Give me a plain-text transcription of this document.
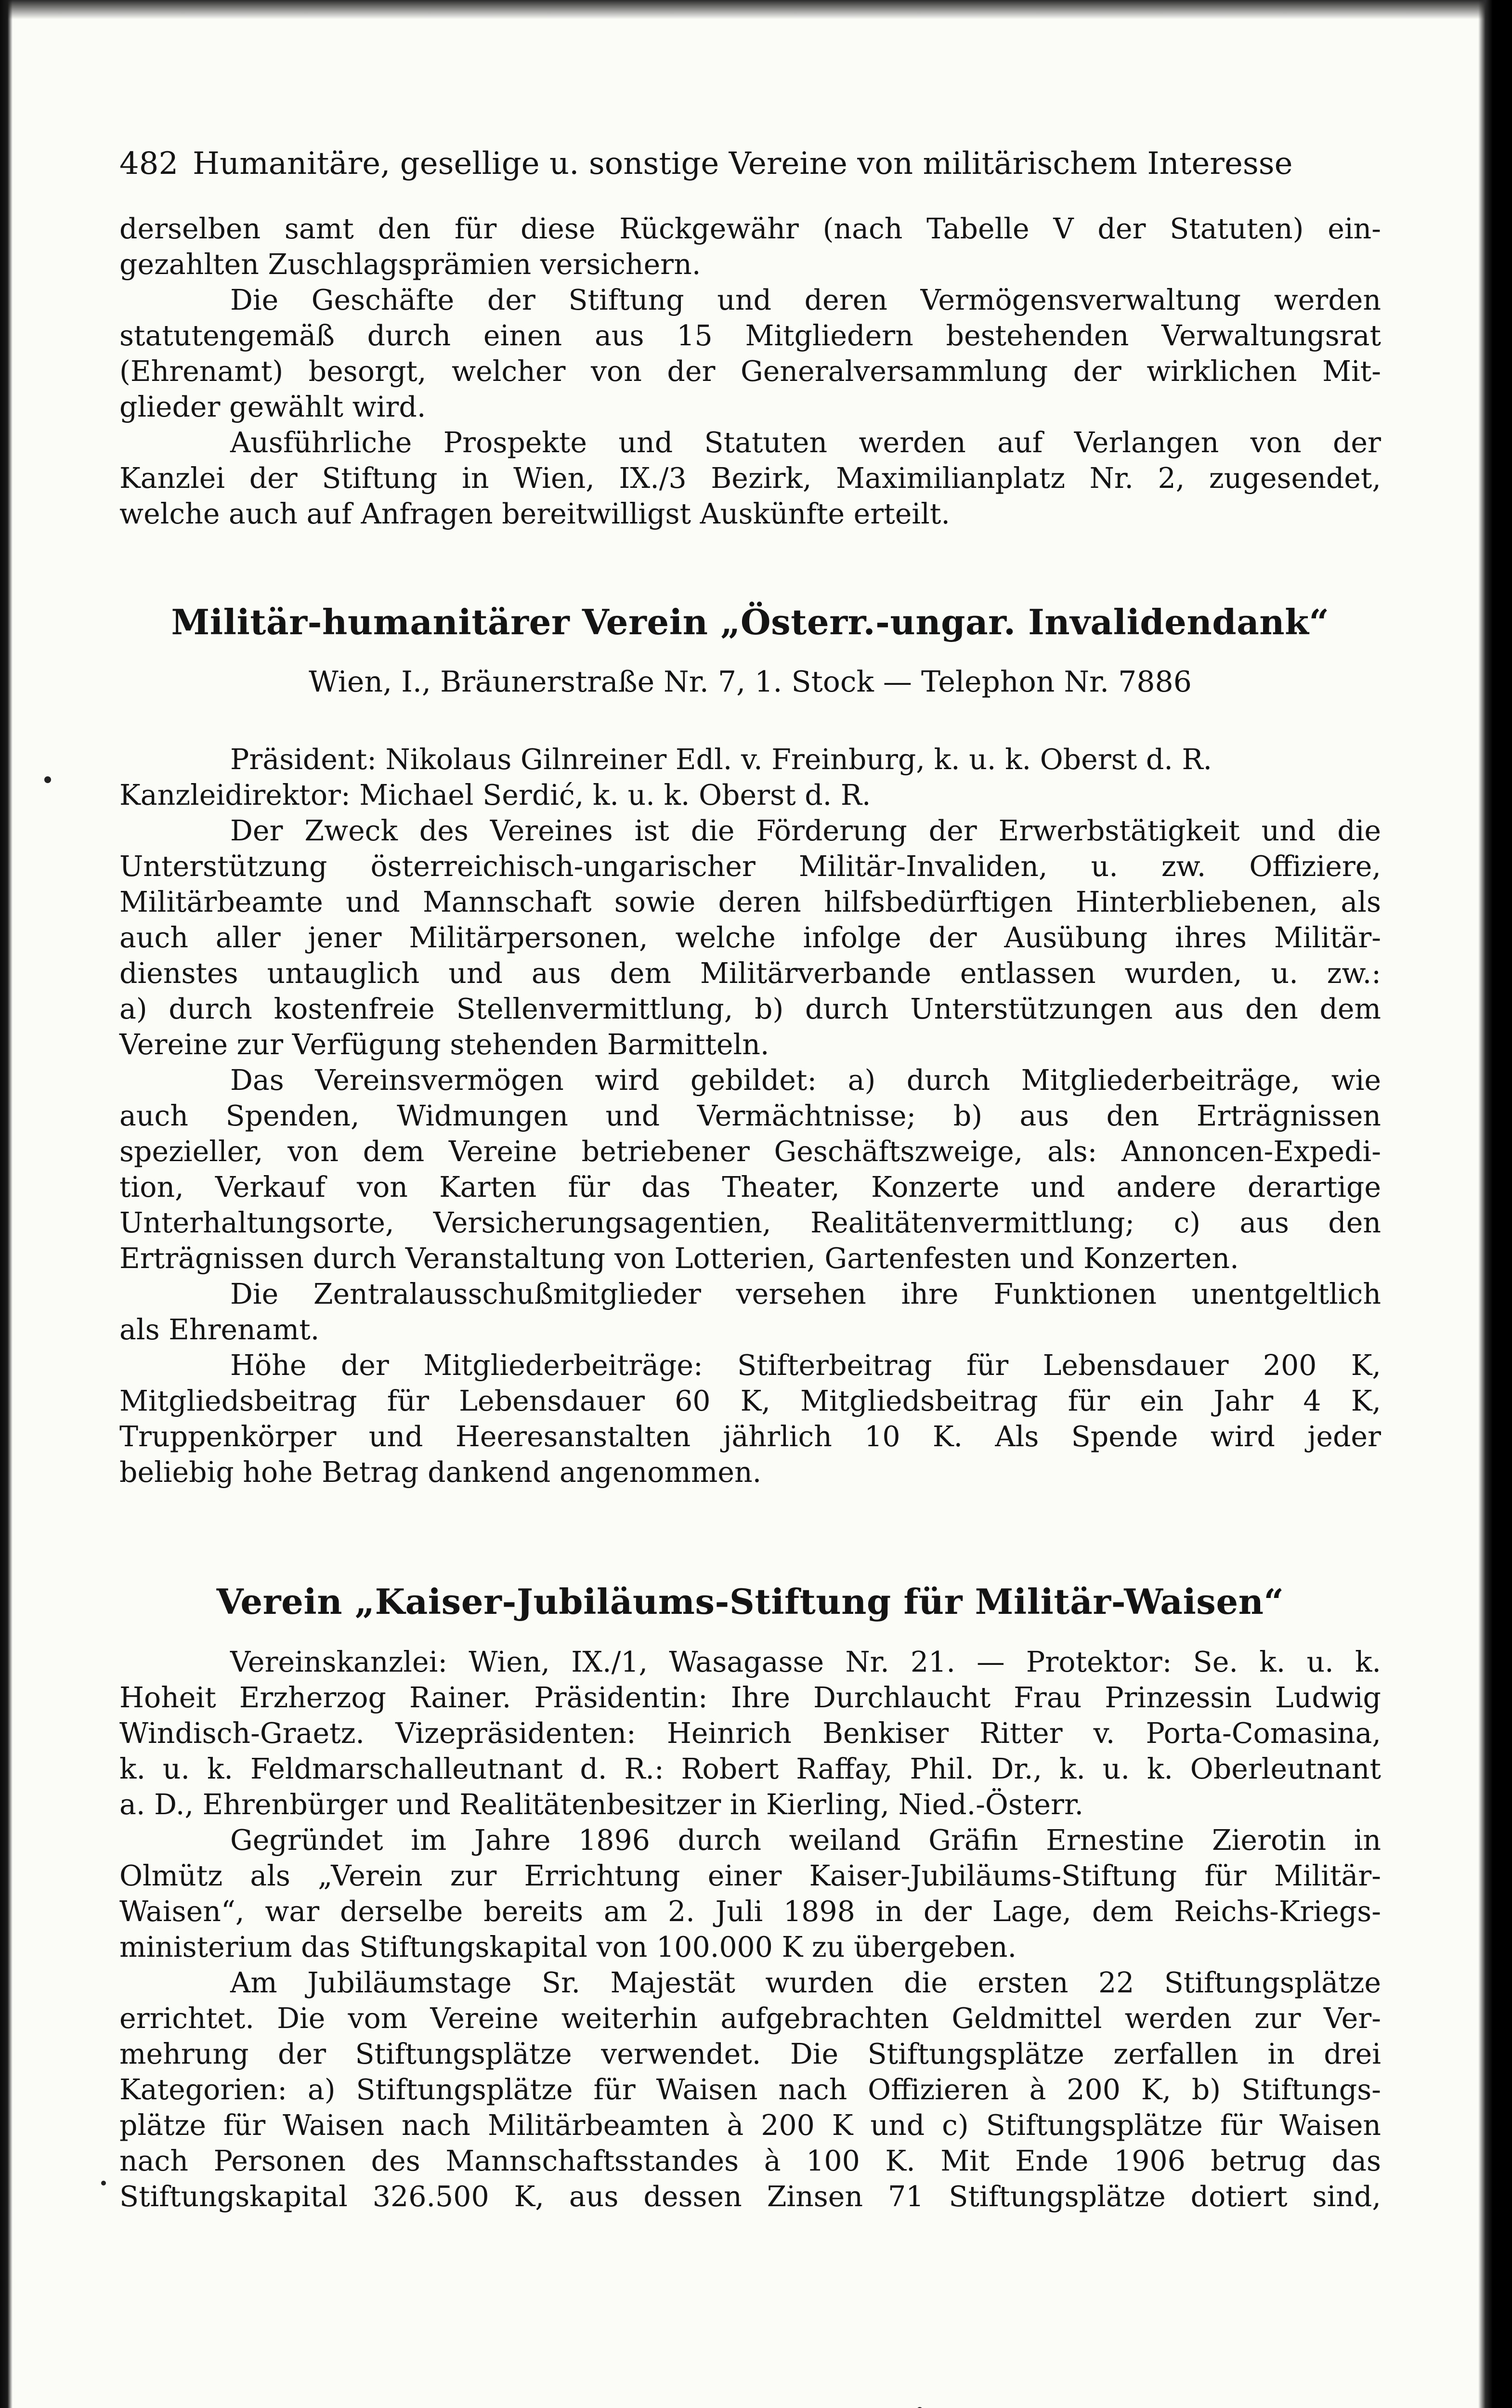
482 Humanitäre, gesellige u. sonstige Vereine von militärischem Interesse
derselben samt den für diese Rückgewähr (nach Tabelle V der Statuten) ein-
gezahlten Zuschlagsprämien versichern.
Die Geschäfte der Stiftung und deren Vermögensverwaltung werden
statutengemäß durch einen aus 15 Mitgliedern bestehenden Verwaltungsrat
(Ehrenamt) besorgt, welcher von der Generalversammlung der wirklichen Mit-
glieder gewählt wird.
Ausführliche Prospekte und Statuten werden auf Verlangen von der
Kanzlei der Stiftung in Wien, IX./3 Bezirk, Maximilianplatz Nr. 2, zugesendet,
welche auch auf Anfragen bereitwilligst Auskünfte erteilt.
Militär-humanitärer Verein „Österr.-ungar. Invalidendank“
Wien, I., Bräunerstraße Nr. 7, 1. Stock — Telephon Nr. 7886
Präsident: Nikolaus Gilnreiner Edl. v. Freinburg, k. u. k. Oberst d. R.
Kanzleidirektor: Michael Serdić, k. u. k. Oberst d. R.
Der Zweck des Vereines ist die Förderung der Erwerbstätigkeit und die
Unterstützung österreichisch-ungarischer Militär-Invaliden, u. zw. Offiziere,
Militärbeamte und Mannschaft sowie deren hilfsbedürftigen Hinterbliebenen, als
auch aller jener Militärpersonen, welche infolge der Ausübung ihres Militär-
dienstes untauglich und aus dem Militärverbande entlassen wurden, u. zw.:
a) durch kostenfreie Stellenvermittlung, b) durch Unterstützungen aus den dem
Vereine zur Verfügung stehenden Barmitteln.
Das Vereinsvermögen wird gebildet: a) durch Mitgliederbeiträge, wie
auch Spenden, Widmungen und Vermächtnisse; b) aus den Erträgnissen
spezieller, von dem Vereine betriebener Geschäftszweige, als: Annoncen-Expedi-
tion, Verkauf von Karten für das Theater, Konzerte und andere derartige
Unterhaltungsorte, Versicherungsagentien, Realitätenvermittlung; c) aus den
Erträgnissen durch Veranstaltung von Lotterien, Gartenfesten und Konzerten.
Die Zentralausschußmitglieder versehen ihre Funktionen unentgeltlich
als Ehrenamt.
Höhe der Mitgliederbeiträge: Stifterbeitrag für Lebensdauer 200 K,
Mitgliedsbeitrag für Lebensdauer 60 K, Mitgliedsbeitrag für ein Jahr 4 K,
Truppenkörper und Heeresanstalten jährlich 10 K. Als Spende wird jeder
beliebig hohe Betrag dankend angenommen.
Verein „Kaiser-Jubiläums-Stiftung für Militär-Waisen“
Vereinskanzlei: Wien, IX./1, Wasagasse Nr. 21. — Protektor: Se. k. u. k.
Hoheit Erzherzog Rainer. Präsidentin: Ihre Durchlaucht Frau Prinzessin Ludwig
Windisch-Graetz. Vizepräsidenten: Heinrich Benkiser Ritter v. Porta-Comasina,
k. u. k. Feldmarschalleutnant d. R.: Robert Raffay, Phil. Dr., k. u. k. Oberleutnant
a. D., Ehrenbürger und Realitätenbesitzer in Kierling, Nied.-Österr.
Gegründet im Jahre 1896 durch weiland Gräfin Ernestine Zierotin in
Olmütz als „Verein zur Errichtung einer Kaiser-Jubiläums-Stiftung für Militär-
Waisen“, war derselbe bereits am 2. Juli 1898 in der Lage, dem Reichs-Kriegs-
ministerium das Stiftungskapital von 100.000 K zu übergeben.
Am Jubiläumstage Sr. Majestät wurden die ersten 22 Stiftungsplätze
errichtet. Die vom Vereine weiterhin aufgebrachten Geldmittel werden zur Ver-
mehrung der Stiftungsplätze verwendet. Die Stiftungsplätze zerfallen in drei
Kategorien: a) Stiftungsplätze für Waisen nach Offizieren à 200 K, b) Stiftungs-
plätze für Waisen nach Militärbeamten à 200 K und c) Stiftungsplätze für Waisen
nach Personen des Mannschaftsstandes à 100 K. Mit Ende 1906 betrug das
Stiftungskapital 326.500 K, aus dessen Zinsen 71 Stiftungsplätze dotiert sind,
